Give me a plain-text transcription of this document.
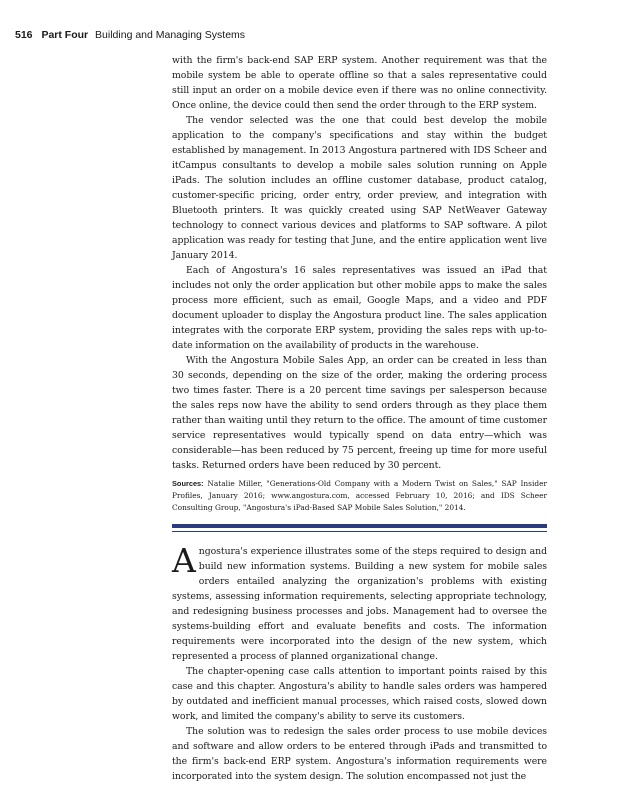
516 Part Four Building and Managing Systems

with the firm's back-end SAP ERP system. Another requirement was that the mobile system be able to operate offline so that a sales representative could still input an order on a mobile device even if there was no online connectivity. Once online, the device could then send the order through to the ERP system.

The vendor selected was the one that could best develop the mobile application to the company's specifications and stay within the budget established by management. In 2013 Angostura partnered with IDS Scheer and itCampus consultants to develop a mobile sales solution running on Apple iPads. The solution includes an offline customer database, product catalog, customer-specific pricing, order entry, order preview, and integration with Bluetooth printers. It was quickly created using SAP NetWeaver Gateway technology to connect various devices and platforms to SAP software. A pilot application was ready for testing that June, and the entire application went live January 2014.

Each of Angostura's 16 sales representatives was issued an iPad that includes not only the order application but other mobile apps to make the sales process more efficient, such as email, Google Maps, and a video and PDF document uploader to display the Angostura product line. The sales application integrates with the corporate ERP system, providing the sales reps with up-to-date information on the availability of products in the warehouse.

With the Angostura Mobile Sales App, an order can be created in less than 30 seconds, depending on the size of the order, making the ordering process two times faster. There is a 20 percent time savings per salesperson because the sales reps now have the ability to send orders through as they place them rather than waiting until they return to the office. The amount of time customer service representatives would typically spend on data entry—which was considerable—has been reduced by 75 percent, freeing up time for more useful tasks. Returned orders have been reduced by 30 percent.

Sources: Natalie Miller, "Generations-Old Company with a Modern Twist on Sales," SAP Insider Profiles, January 2016; www.angostura.com, accessed February 10, 2016; and IDS Scheer Consulting Group, "Angostura's iPad-Based SAP Mobile Sales Solution," 2014.

Angostura's experience illustrates some of the steps required to design and build new information systems. Building a new system for mobile sales orders entailed analyzing the organization's problems with existing systems, assessing information requirements, selecting appropriate technology, and redesigning business processes and jobs. Management had to oversee the systems-building effort and evaluate benefits and costs. The information requirements were incorporated into the design of the new system, which represented a process of planned organizational change.

The chapter-opening case calls attention to important points raised by this case and this chapter. Angostura's ability to handle sales orders was hampered by outdated and inefficient manual processes, which raised costs, slowed down work, and limited the company's ability to serve its customers.

The solution was to redesign the sales order process to use mobile devices and software and allow orders to be entered through iPads and transmitted to the firm's back-end ERP system. Angostura's information requirements were incorporated into the system design. The solution encompassed not just the
